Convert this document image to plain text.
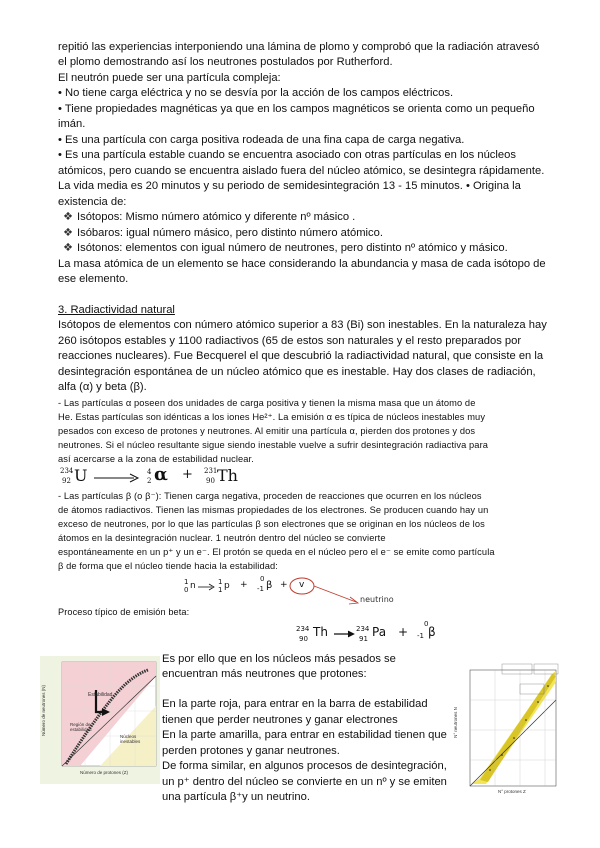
repitió las experiencias interponiendo una lámina de plomo y comprobó que la radiación atravesó
el plomo demostrando así los neutrones postulados por Rutherford.
El neutrón puede ser una partícula compleja:
• No tiene carga eléctrica y no se desvía por la acción de los campos eléctricos.
• Tiene propiedades magnéticas ya que en los campos magnéticos se orienta como un pequeño
imán.
• Es una partícula con carga positiva rodeada de una fina capa de carga negativa.
• Es una partícula estable cuando se encuentra asociado con otras partículas en los núcleos
atómicos, pero cuando se encuentra aislado fuera del núcleo atómico, se desintegra rápidamente.
La vida media es 20 minutos y su periodo de semidesintegración 13 - 15 minutos. • Origina la
existencia de:
❖ Isótopos: Mismo número atómico y diferente nº másico .
❖ Isóbaros: igual número másico, pero distinto número atómico.
❖ Isótonos: elementos con igual número de neutrones, pero distinto nº atómico y másico.
La masa atómica de un elemento se hace considerando la abundancia y masa de cada isótopo de
ese elemento.
3. Radiactividad natural
Isótopos de elementos con número atómico superior a 83 (Bi) son inestables. En la naturaleza hay
260 isótopos estables y 1100 radiactivos (65 de estos son naturales y el resto preparados por
reacciones nucleares). Fue Becquerel el que descubrió la radiactividad natural, que consiste en la
desintegración espontánea de un núcleo atómico que es inestable. Hay dos clases de radiación,
alfa (α) y beta (β).
- Las partículas α poseen dos unidades de carga positiva y tienen la misma masa que un átomo de
He. Estas partículas son idénticas a los iones He²⁺. La emisión α es típica de núcleos inestables muy
pesados con exceso de protones y neutrones. Al emitir una partícula α, pierden dos protones y dos
neutrones. Si el núcleo resultante sigue siendo inestable vuelve a sufrir desintegración radiactiva para
así acercarse a la zona de estabilidad nuclear.
234
92 U	4
2 α + 231
90 Th
- Las partículas β (o β⁻): Tienen carga negativa, proceden de reacciones que ocurren en los núcleos
de átomos radiactivos. Tienen las mismas propiedades de los electrones. Se producen cuando hay un
exceso de neutrones, por lo que las partículas β son electrones que se originan en los núcleos de los
átomos en la desintegración nuclear. 1 neutrón dentro del núcleo se convierte
espontáneamente en un p⁺ y un e⁻. El protón se queda en el núcleo pero el e⁻ se emite como partícula
β de forma que el núcleo tiende hacia la estabilidad:
1
0 n	1
1 p +
0
-1 β + v
neutrino
Proceso típico de emisión beta:
234
90 Th	234
91 Pa +
0
-1 β
Estabilidad
Región de estabilidad
Núcleos inestables
Número de protones (Z)
Número de neutrones (N)
Es por ello que en los núcleos más pesados se
encuentran más neutrones que protones:
En la parte roja, para entrar en la barra de estabilidad
tienen que perder neutrones y ganar electrones
En la parte amarilla, para entrar en estabilidad tienen que
perden protones y ganar neutrones.
De forma similar, en algunos procesos de desintegración,
un p⁺ dentro del núcleo se convierte en un nº y se emiten
una partícula β⁺y un neutrino.	N° protones Z
N° neutrones N
